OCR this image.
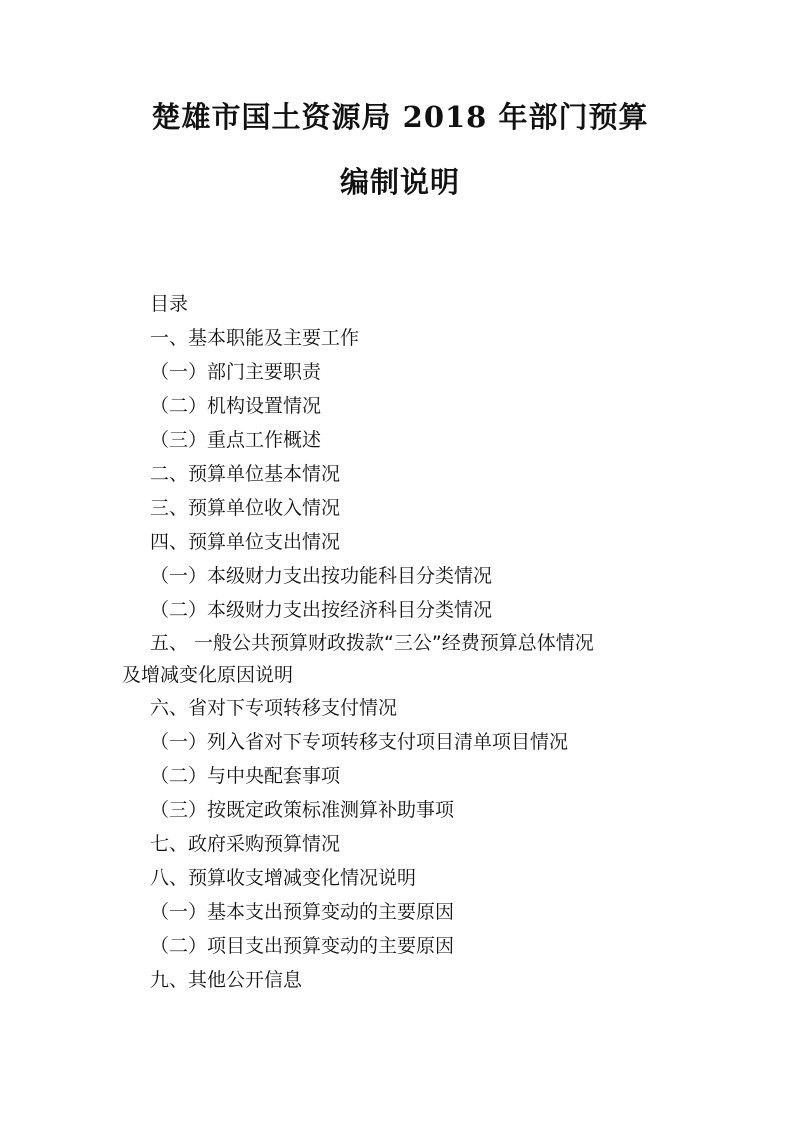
楚雄市国土资源局 2018 年部门预算
编制说明
目录
一、基本职能及主要工作
（一）部门主要职责
（二）机构设置情况
（三）重点工作概述
二、预算单位基本情况
三、预算单位收入情况
四、预算单位支出情况
（一）本级财力支出按功能科目分类情况
（二）本级财力支出按经济科目分类情况
五、 一般公共预算财政拨款“三公”经费预算总体情况
及增减变化原因说明
六、省对下专项转移支付情况
（一）列入省对下专项转移支付项目清单项目情况
（二）与中央配套事项
（三）按既定政策标准测算补助事项
七、政府采购预算情况
八、预算收支增减变化情况说明
（一）基本支出预算变动的主要原因
（二）项目支出预算变动的主要原因
九、其他公开信息
